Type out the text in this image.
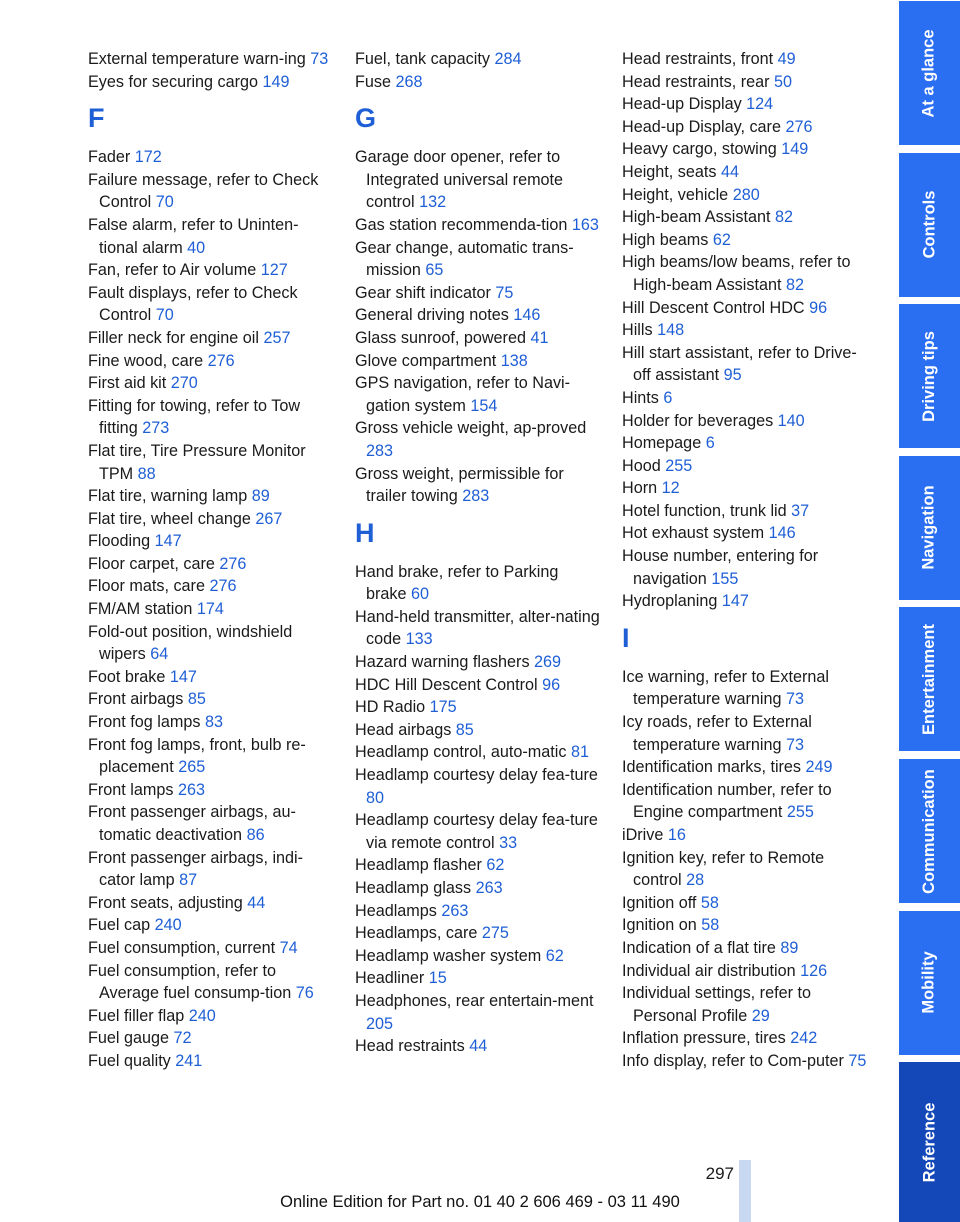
External temperature warn-ing 73
Eyes for securing cargo 149
F
Fader 172
Failure message, refer to Check Control 70
False alarm, refer to Uninten-tional alarm 40
Fan, refer to Air volume 127
Fault displays, refer to Check Control 70
Filler neck for engine oil 257
Fine wood, care 276
First aid kit 270
Fitting for towing, refer to Tow fitting 273
Flat tire, Tire Pressure Monitor TPM 88
Flat tire, warning lamp 89
Flat tire, wheel change 267
Flooding 147
Floor carpet, care 276
Floor mats, care 276
FM/AM station 174
Fold-out position, windshield wipers 64
Foot brake 147
Front airbags 85
Front fog lamps 83
Front fog lamps, front, bulb re-placement 265
Front lamps 263
Front passenger airbags, au-tomatic deactivation 86
Front passenger airbags, indi-cator lamp 87
Front seats, adjusting 44
Fuel cap 240
Fuel consumption, current 74
Fuel consumption, refer to Average fuel consump-tion 76
Fuel filler flap 240
Fuel gauge 72
Fuel quality 241
Fuel, tank capacity 284
Fuse 268
G
Garage door opener, refer to Integrated universal remote control 132
Gas station recommenda-tion 163
Gear change, automatic trans-mission 65
Gear shift indicator 75
General driving notes 146
Glass sunroof, powered 41
Glove compartment 138
GPS navigation, refer to Navi-gation system 154
Gross vehicle weight, ap-proved 283
Gross weight, permissible for trailer towing 283
H
Hand brake, refer to Parking brake 60
Hand-held transmitter, alter-nating code 133
Hazard warning flashers 269
HDC Hill Descent Control 96
HD Radio 175
Head airbags 85
Headlamp control, auto-matic 81
Headlamp courtesy delay fea-ture 80
Headlamp courtesy delay fea-ture via remote control 33
Headlamp flasher 62
Headlamp glass 263
Headlamps 263
Headlamps, care 275
Headlamp washer system 62
Headliner 15
Headphones, rear entertain-ment 205
Head restraints 44
Head restraints, front 49
Head restraints, rear 50
Head-up Display 124
Head-up Display, care 276
Heavy cargo, stowing 149
Height, seats 44
Height, vehicle 280
High-beam Assistant 82
High beams 62
High beams/low beams, refer to High-beam Assistant 82
Hill Descent Control HDC 96
Hills 148
Hill start assistant, refer to Drive-off assistant 95
Hints 6
Holder for beverages 140
Homepage 6
Hood 255
Horn 12
Hotel function, trunk lid 37
Hot exhaust system 146
House number, entering for navigation 155
Hydroplaning 147
I
Ice warning, refer to External temperature warning 73
Icy roads, refer to External temperature warning 73
Identification marks, tires 249
Identification number, refer to Engine compartment 255
iDrive 16
Ignition key, refer to Remote control 28
Ignition off 58
Ignition on 58
Indication of a flat tire 89
Individual air distribution 126
Individual settings, refer to Personal Profile 29
Inflation pressure, tires 242
Info display, refer to Com-puter 75
At a glance
Controls
Driving tips
Navigation
Entertainment
Communication
Mobility
Reference
297
Online Edition for Part no. 01 40 2 606 469 - 03 11 490
